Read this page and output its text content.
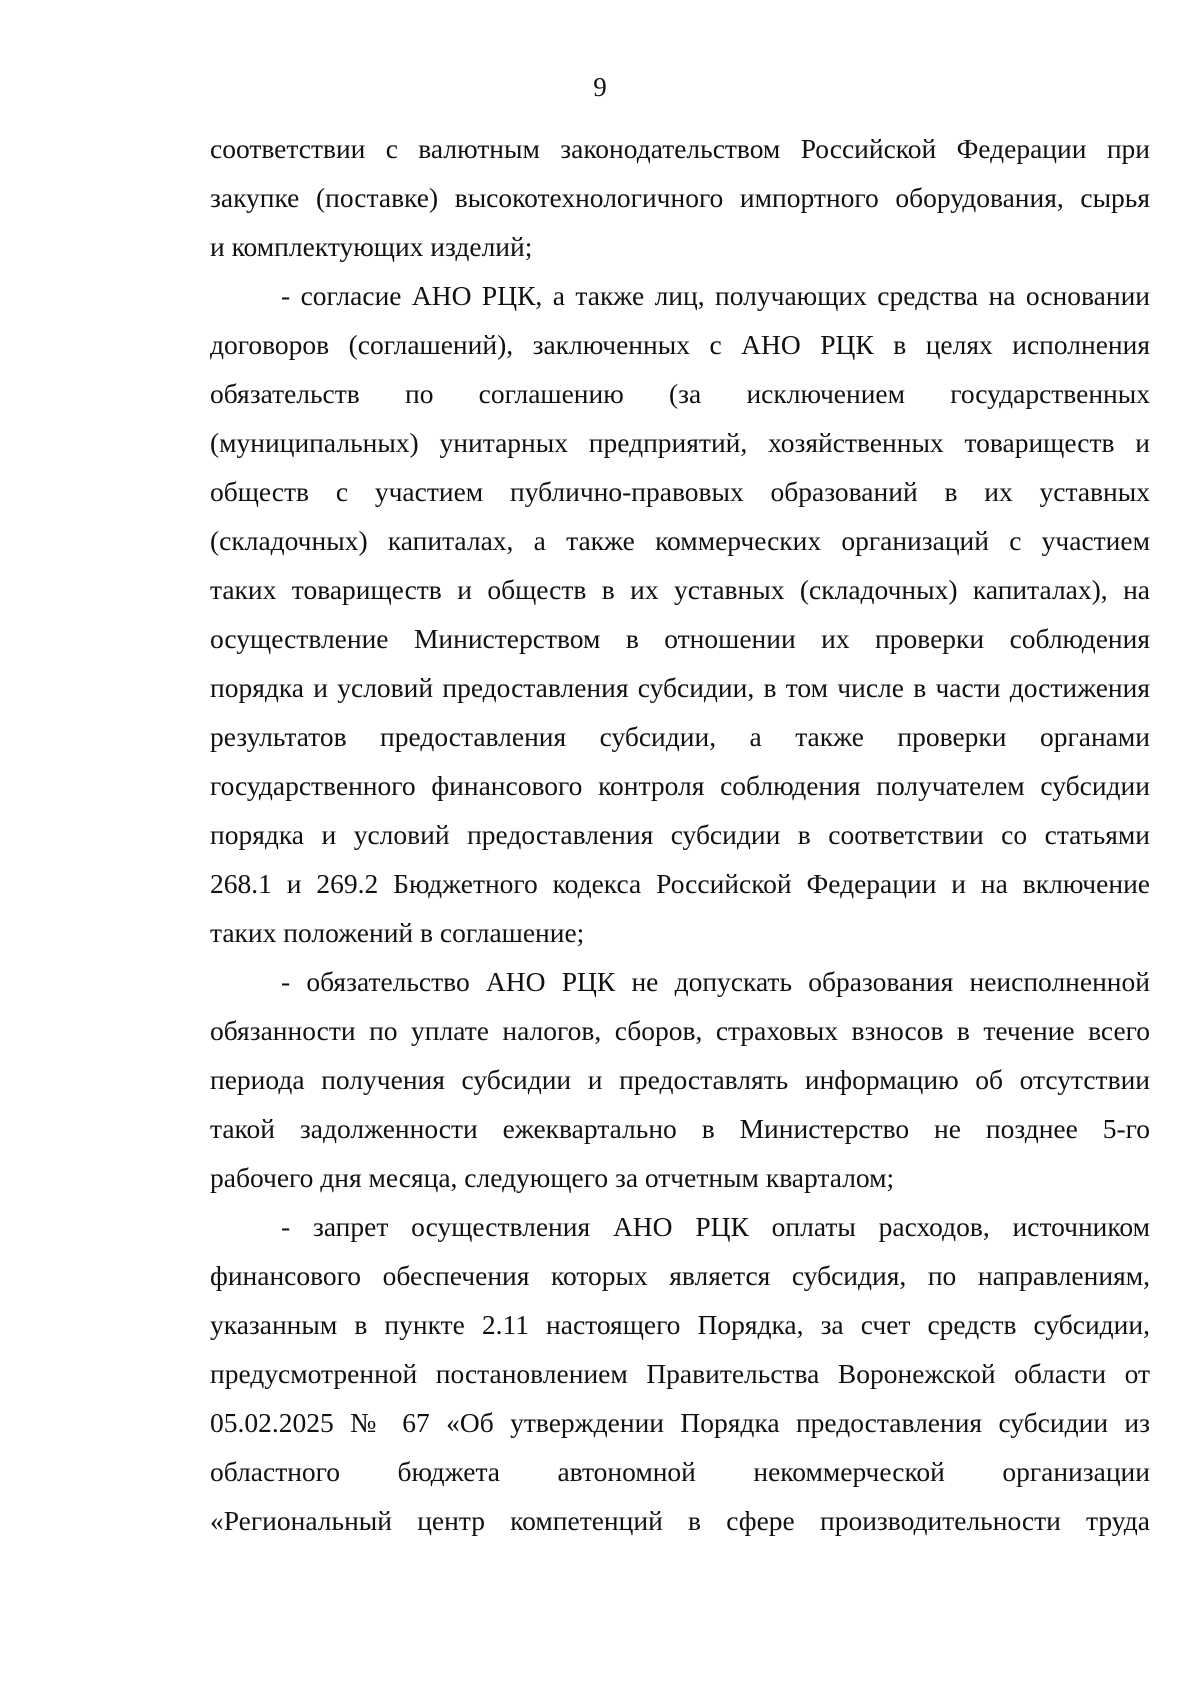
9

соответствии с валютным законодательством Российской Федерации при
закупке (поставке) высокотехнологичного импортного оборудования, сырья
и комплектующих изделий;

- согласие АНО РЦК, а также лиц, получающих средства на основании
договоров (соглашений), заключенных с АНО РЦК в целях исполнения
обязательств по соглашению (за исключением государственных
(муниципальных) унитарных предприятий, хозяйственных товариществ и
обществ с участием публично-правовых образований в их уставных
(складочных) капиталах, а также коммерческих организаций с участием
таких товариществ и обществ в их уставных (складочных) капиталах), на
осуществление Министерством в отношении их проверки соблюдения
порядка и условий предоставления субсидии, в том числе в части достижения
результатов предоставления субсидии, а также проверки органами
государственного финансового контроля соблюдения получателем субсидии
порядка и условий предоставления субсидии в соответствии со статьями
268.1 и 269.2 Бюджетного кодекса Российской Федерации и на включение
таких положений в соглашение;

- обязательство АНО РЦК не допускать образования неисполненной
обязанности по уплате налогов, сборов, страховых взносов в течение всего
периода получения субсидии и предоставлять информацию об отсутствии
такой задолженности ежеквартально в Министерство не позднее 5-го
рабочего дня месяца, следующего за отчетным кварталом;

- запрет осуществления АНО РЦК оплаты расходов, источником
финансового обеспечения которых является субсидия, по направлениям,
указанным в пункте 2.11 настоящего Порядка, за счет средств субсидии,
предусмотренной постановлением Правительства Воронежской области от
05.02.2025 № 67 «Об утверждении Порядка предоставления субсидии из
областного бюджета автономной некоммерческой организации
«Региональный центр компетенций в сфере производительности труда
